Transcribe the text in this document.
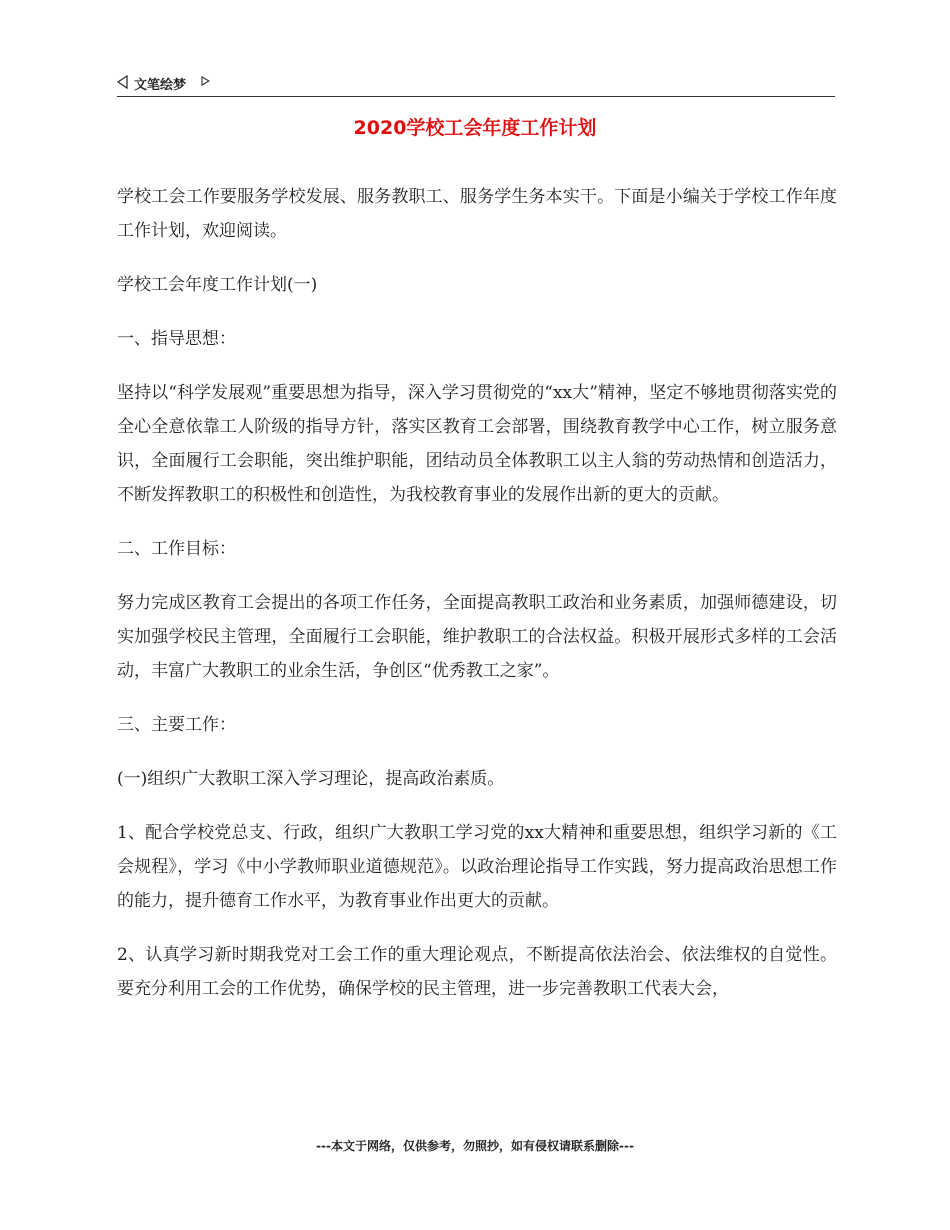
文笔绘梦
2020学校工会年度工作计划

学校工会工作要服务学校发展、服务教职工、服务学生务本实干。下面是小编关于学校工作年度工作计划，欢迎阅读。

学校工会年度工作计划(一)

一、指导思想：

坚持以“科学发展观”重要思想为指导，深入学习贯彻党的“xx大”精神，坚定不够地贯彻落实党的全心全意依靠工人阶级的指导方针，落实区教育工会部署，围绕教育教学中心工作，树立服务意识，全面履行工会职能，突出维护职能，团结动员全体教职工以主人翁的劳动热情和创造活力，不断发挥教职工的积极性和创造性，为我校教育事业的发展作出新的更大的贡献。

二、工作目标：

努力完成区教育工会提出的各项工作任务，全面提高教职工政治和业务素质，加强师德建设，切实加强学校民主管理，全面履行工会职能，维护教职工的合法权益。积极开展形式多样的工会活动，丰富广大教职工的业余生活，争创区“优秀教工之家”。

三、主要工作：

(一)组织广大教职工深入学习理论，提高政治素质。

1、配合学校党总支、行政，组织广大教职工学习党的xx大精神和重要思想，组织学习新的《工会规程》，学习《中小学教师职业道德规范》。以政治理论指导工作实践，努力提高政治思想工作的能力，提升德育工作水平，为教育事业作出更大的贡献。

2、认真学习新时期我党对工会工作的重大理论观点，不断提高依法治会、依法维权的自觉性。要充分利用工会的工作优势，确保学校的民主管理，进一步完善教职工代表大会，

---本文于网络，仅供参考，勿照抄，如有侵权请联系删除---
